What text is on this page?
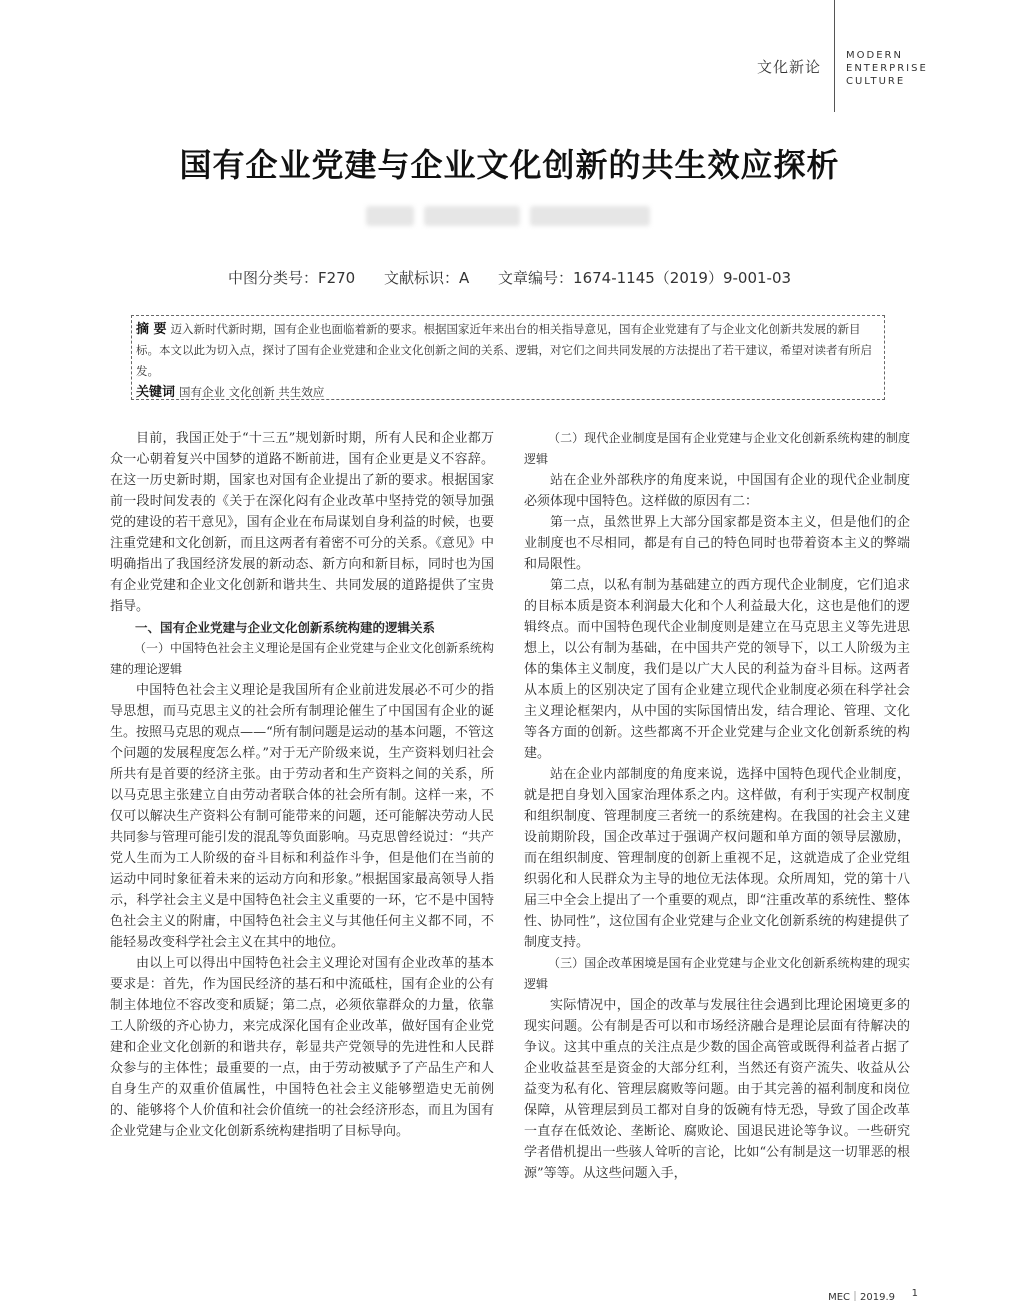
文化新论
MODERN
ENTERPRISE
CULTURE
国有企业党建与企业文化创新的共生效应探析
中图分类号：F270 文献标识：A 文章编号：1674-1145（2019）9-001-03
摘 要 迈入新时代新时期，国有企业也面临着新的要求。根据国家近年来出台的相关指导意见，国有企业党建有了与企业文化创新共发展的新目标。本文以此为切入点，探讨了国有企业党建和企业文化创新之间的关系、逻辑，对它们之间共同发展的方法提出了若干建议，希望对读者有所启发。
关键词 国有企业 文化创新 共生效应

目前，我国正处于“十三五”规划新时期，所有人民和企业都万众一心朝着复兴中国梦的道路不断前进，国有企业更是义不容辞。在这一历史新时期，国家也对国有企业提出了新的要求。根据国家前一段时间发表的《关于在深化闷有企业改革中坚持党的领导加强党的建设的若干意见》，国有企业在布局谋划自身利益的时候，也要注重党建和文化创新，而且这两者有着密不可分的关系。《意见》中明确指出了我国经济发展的新动态、新方向和新目标，同时也为国有企业党建和企业文化创新和谐共生、共同发展的道路提供了宝贵指导。

一、国有企业党建与企业文化创新系统构建的逻辑关系

（一）中国特色社会主义理论是国有企业党建与企业文化创新系统构建的理论逻辑

中国特色社会主义理论是我国所有企业前进发展必不可少的指导思想，而马克思主义的社会所有制理论催生了中国国有企业的诞生。按照马克思的观点——“所有制问题是运动的基本问题，不管这个问题的发展程度怎么样。”对于无产阶级来说，生产资料划归社会所共有是首要的经济主张。由于劳动者和生产资料之间的关系，所以马克思主张建立自由劳动者联合体的社会所有制。这样一来，不仅可以解决生产资料公有制可能带来的问题，还可能解决劳动人民共同参与管理可能引发的混乱等负面影响。马克思曾经说过：“共产党人生而为工人阶级的奋斗目标和利益作斗争，但是他们在当前的运动中同时象征着未来的运动方向和形象。”根据国家最高领导人指示，科学社会主义是中国特色社会主义重要的一环，它不是中国特色社会主义的附庸，中国特色社会主义与其他任何主义都不同，不能轻易改变科学社会主义在其中的地位。

由以上可以得出中国特色社会主义理论对国有企业改革的基本要求是：首先，作为国民经济的基石和中流砥柱，国有企业的公有制主体地位不容改变和质疑；第二点，必须依靠群众的力量，依靠工人阶级的齐心协力，来完成深化国有企业改革，做好国有企业党建和企业文化创新的和谐共存，彰显共产党领导的先进性和人民群众参与的主体性；最重要的一点，由于劳动被赋予了产品生产和人自身生产的双重价值属性，中国特色社会主义能够塑造史无前例的、能够将个人价值和社会价值统一的社会经济形态，而且为国有企业党建与企业文化创新系统构建指明了目标导向。

（二）现代企业制度是国有企业党建与企业文化创新系统构建的制度逻辑

站在企业外部秩序的角度来说，中国国有企业的现代企业制度必须体现中国特色。这样做的原因有二：

第一点，虽然世界上大部分国家都是资本主义，但是他们的企业制度也不尽相同，都是有自己的特色同时也带着资本主义的弊端和局限性。

第二点，以私有制为基础建立的西方现代企业制度，它们追求的目标本质是资本利润最大化和个人利益最大化，这也是他们的逻辑终点。而中国特色现代企业制度则是建立在马克思主义等先进思想上，以公有制为基础，在中国共产党的领导下，以工人阶级为主体的集体主义制度，我们是以广大人民的利益为奋斗目标。这两者从本质上的区别决定了国有企业建立现代企业制度必须在科学社会主义理论框架内，从中国的实际国情出发，结合理论、管理、文化等各方面的创新。这些都离不开企业党建与企业文化创新系统的构建。

站在企业内部制度的角度来说，选择中国特色现代企业制度，就是把自身划入国家治理体系之内。这样做，有利于实现产权制度和组织制度、管理制度三者统一的系统建构。在我国的社会主义建设前期阶段，国企改革过于强调产权问题和单方面的领导层激励，而在组织制度、管理制度的创新上重视不足，这就造成了企业党组织弱化和人民群众为主导的地位无法体现。众所周知，党的第十八届三中全会上提出了一个重要的观点，即“注重改革的系统性、整体性、协同性”，这位国有企业党建与企业文化创新系统的构建提供了制度支持。

（三）国企改革困境是国有企业党建与企业文化创新系统构建的现实逻辑

实际情况中，国企的改革与发展往往会遇到比理论困境更多的现实问题。公有制是否可以和市场经济融合是理论层面有待解决的争议。这其中重点的关注点是少数的国企高管或既得利益者占据了企业收益甚至是资金的大部分红利，当然还有资产流失、收益从公益变为私有化、管理层腐败等问题。由于其完善的福利制度和岗位保障，从管理层到员工都对自身的饭碗有恃无恐，导致了国企改革一直存在低效论、垄断论、腐败论、国退民进论等争议。一些研究学者借机提出一些骇人耸听的言论，比如“公有制是这一切罪恶的根源”等等。从这些问题入手，

MEC｜2019.9 1
